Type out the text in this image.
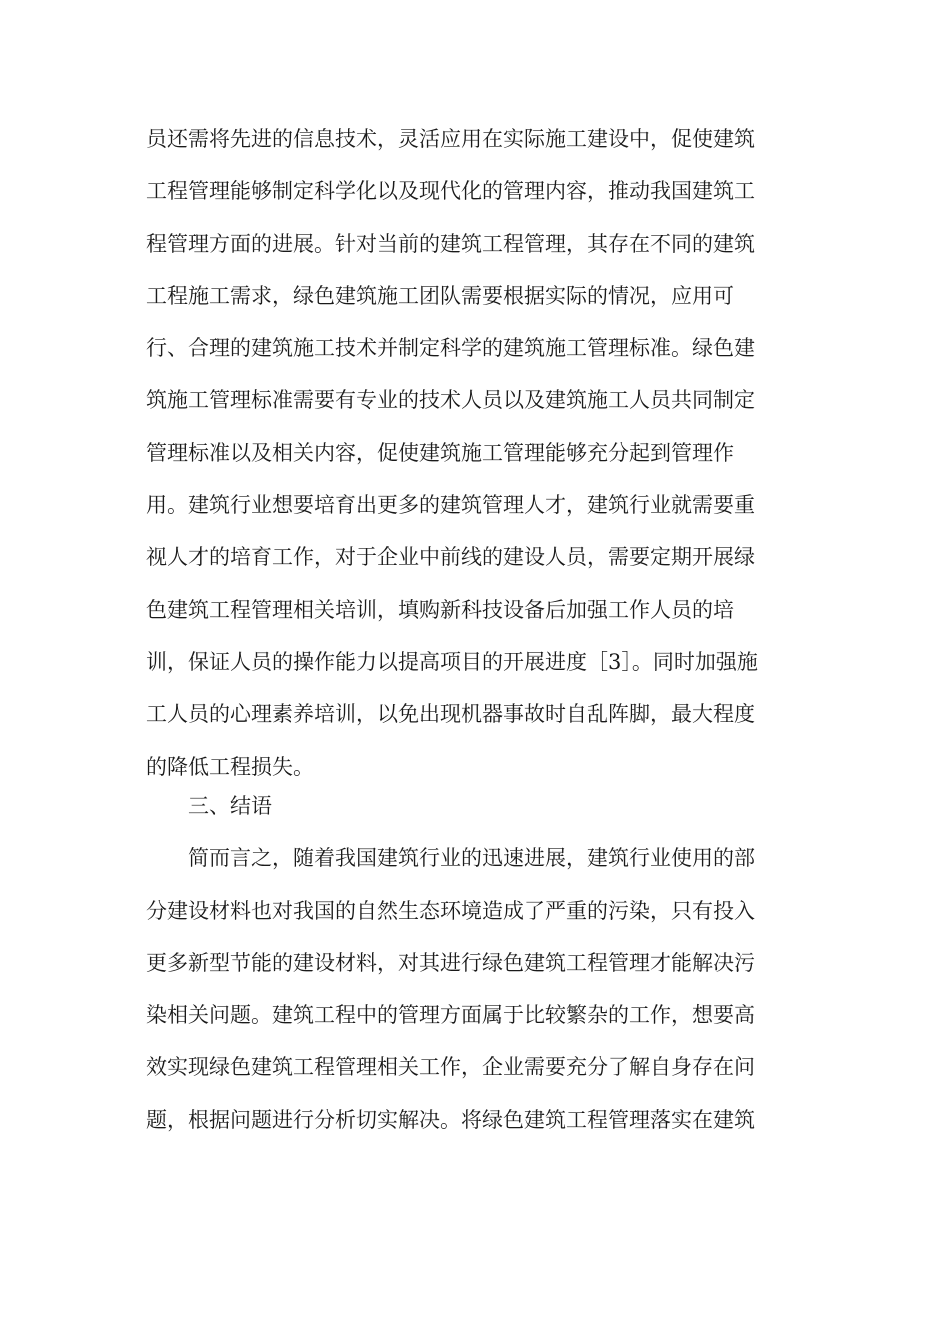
员还需将先进的信息技术，灵活应用在实际施工建设中，促使建筑
工程管理能够制定科学化以及现代化的管理内容，推动我国建筑工
程管理方面的进展。针对当前的建筑工程管理，其存在不同的建筑
工程施工需求，绿色建筑施工团队需要根据实际的情况，应用可
行、合理的建筑施工技术并制定科学的建筑施工管理标准。绿色建
筑施工管理标准需要有专业的技术人员以及建筑施工人员共同制定
管理标准以及相关内容，促使建筑施工管理能够充分起到管理作
用。建筑行业想要培育出更多的建筑管理人才，建筑行业就需要重
视人才的培育工作，对于企业中前线的建设人员，需要定期开展绿
色建筑工程管理相关培训，填购新科技设备后加强工作人员的培
训，保证人员的操作能力以提高项目的开展进度［3］。同时加强施
工人员的心理素养培训，以免出现机器事故时自乱阵脚，最大程度
的降低工程损失。
三、结语
简而言之，随着我国建筑行业的迅速进展，建筑行业使用的部
分建设材料也对我国的自然生态环境造成了严重的污染，只有投入
更多新型节能的建设材料，对其进行绿色建筑工程管理才能解决污
染相关问题。建筑工程中的管理方面属于比较繁杂的工作，想要高
效实现绿色建筑工程管理相关工作，企业需要充分了解自身存在问
题，根据问题进行分析切实解决。将绿色建筑工程管理落实在建筑
